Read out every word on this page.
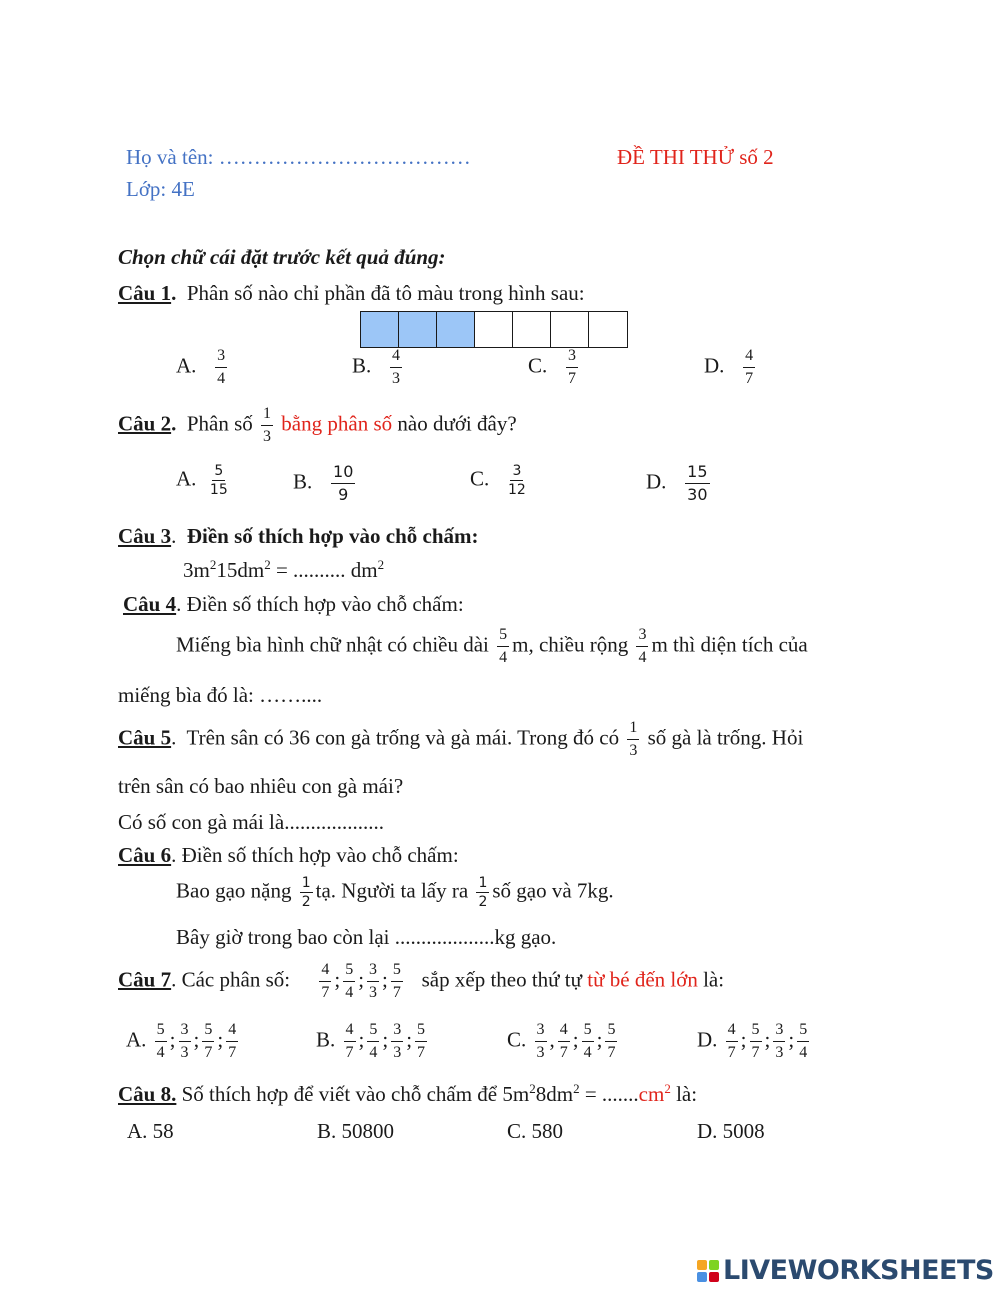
Họ và tên: ………………………………
Lớp: 4E
ĐỀ THI THỬ số 2
Chọn chữ cái đặt trước kết quả đúng:
Câu 1. Phân số nào chỉ phần đã tô màu trong hình sau:
A. $\frac{3}{4}$	B. $\frac{4}{3}$	C. $\frac{3}{7}$	D. $\frac{4}{7}$
Câu 2. Phân số $\frac{1}{3}$ bằng phân số nào dưới đây?
A. $\frac{5}{15}$	B. $\frac{10}{9}$	C. $\frac{3}{12}$	D. $\frac{15}{30}$
Câu 3.  Điền số thích hợp vào chỗ chấm:
$3m^215dm^2$ = .......... $dm^2$
Câu 4. Điền số thích hợp vào chỗ chấm:
Miếng bìa hình chữ nhật có chiều dài $\frac{5}{4} m$, chiều rộng $\frac{3}{4}$ m thì diện tích của
miếng bìa đó là: ……....
Câu 5.  Trên sân có 36 con gà trống và gà mái. Trong đó có $\frac{1}{3}$ số gà là trống. Hỏi
trên sân có bao nhiêu con gà mái?
Có số con gà mái là...................
Câu 6. Điền số thích hợp vào chỗ chấm:
Bao gạo nặng $\frac{1}{2}$ tạ. Người ta lấy ra $\frac{1}{2}$ số gạo và 7kg.
Bây giờ trong bao còn lại ...................kg gạo.
Câu 7. Các phân số: $\frac{4}{7}$ ; $\frac{5}{4}$ ; $\frac{3}{3}$ ; $\frac{5}{7}$ sắp xếp theo thứ tự từ bé đến lớn là:
A. $\frac{5}{4}$ ; $\frac{3}{3}$ ; $\frac{5}{7}$ ; $\frac{4}{7}$	B. $\frac{4}{7}$ ; $\frac{5}{4}$ ; $\frac{3}{3}$ ; $\frac{5}{7}$	C. $\frac{3}{3}$ , $\frac{4}{7}$ ; $\frac{5}{4}$ ; $\frac{5}{7}$	D. $\frac{4}{7}$ ; $\frac{5}{7}$ ; $\frac{3}{3}$ ; $\frac{5}{4}$
Câu 8. Số thích hợp để viết vào chỗ chấm để $5m^28dm^2 = .......cm^2$ là:
A. 58	B. 50800	C. 580	D. 5008
LIVEWORKSHEETS
